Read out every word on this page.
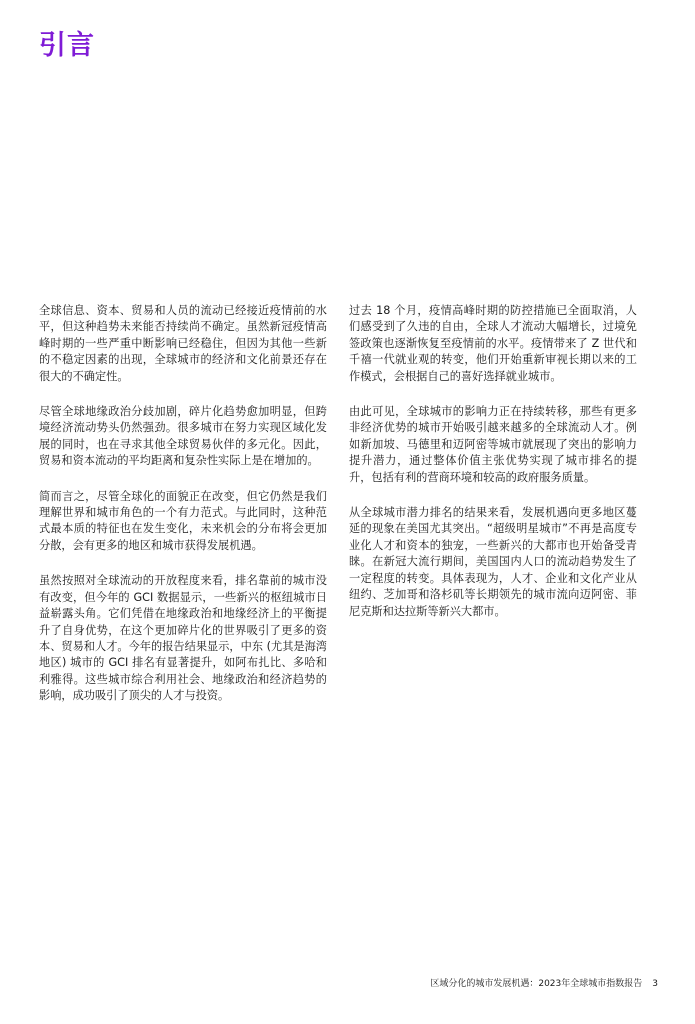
引言

全球信息、资本、贸易和人员的流动已经接近疫情前的水平，但这种趋势未来能否持续尚不确定。虽然新冠疫情高峰时期的一些严重中断影响已经稳住，但因为其他一些新的不稳定因素的出现，全球城市的经济和文化前景还存在很大的不确定性。

尽管全球地缘政治分歧加剧，碎片化趋势愈加明显，但跨境经济流动势头仍然强劲。很多城市在努力实现区域化发展的同时，也在寻求其他全球贸易伙伴的多元化。因此，贸易和资本流动的平均距离和复杂性实际上是在增加的。

简而言之，尽管全球化的面貌正在改变，但它仍然是我们理解世界和城市角色的一个有力范式。与此同时，这种范式最本质的特征也在发生变化，未来机会的分布将会更加分散，会有更多的地区和城市获得发展机遇。

虽然按照对全球流动的开放程度来看，排名靠前的城市没有改变，但今年的 GCI 数据显示，一些新兴的枢纽城市日益崭露头角。它们凭借在地缘政治和地缘经济上的平衡提升了自身优势，在这个更加碎片化的世界吸引了更多的资本、贸易和人才。今年的报告结果显示，中东 (尤其是海湾地区) 城市的 GCI 排名有显著提升，如阿布扎比、多哈和利雅得。这些城市综合利用社会、地缘政治和经济趋势的影响，成功吸引了顶尖的人才与投资。

过去 18 个月，疫情高峰时期的防控措施已全面取消，人们感受到了久违的自由，全球人才流动大幅增长，过境免签政策也逐渐恢复至疫情前的水平。疫情带来了 Z 世代和千禧一代就业观的转变，他们开始重新审视长期以来的工作模式，会根据自己的喜好选择就业城市。

由此可见，全球城市的影响力正在持续转移，那些有更多非经济优势的城市开始吸引越来越多的全球流动人才。例如新加坡、马德里和迈阿密等城市就展现了突出的影响力提升潜力，通过整体价值主张优势实现了城市排名的提升，包括有利的营商环境和较高的政府服务质量。

从全球城市潜力排名的结果来看，发展机遇向更多地区蔓延的现象在美国尤其突出。“超级明星城市”不再是高度专业化人才和资本的独宠，一些新兴的大都市也开始备受青睐。在新冠大流行期间，美国国内人口的流动趋势发生了一定程度的转变。具体表现为，人才、企业和文化产业从纽约、芝加哥和洛杉矶等长期领先的城市流向迈阿密、菲尼克斯和达拉斯等新兴大都市。

区域分化的城市发展机遇：2023年全球城市指数报告 3
